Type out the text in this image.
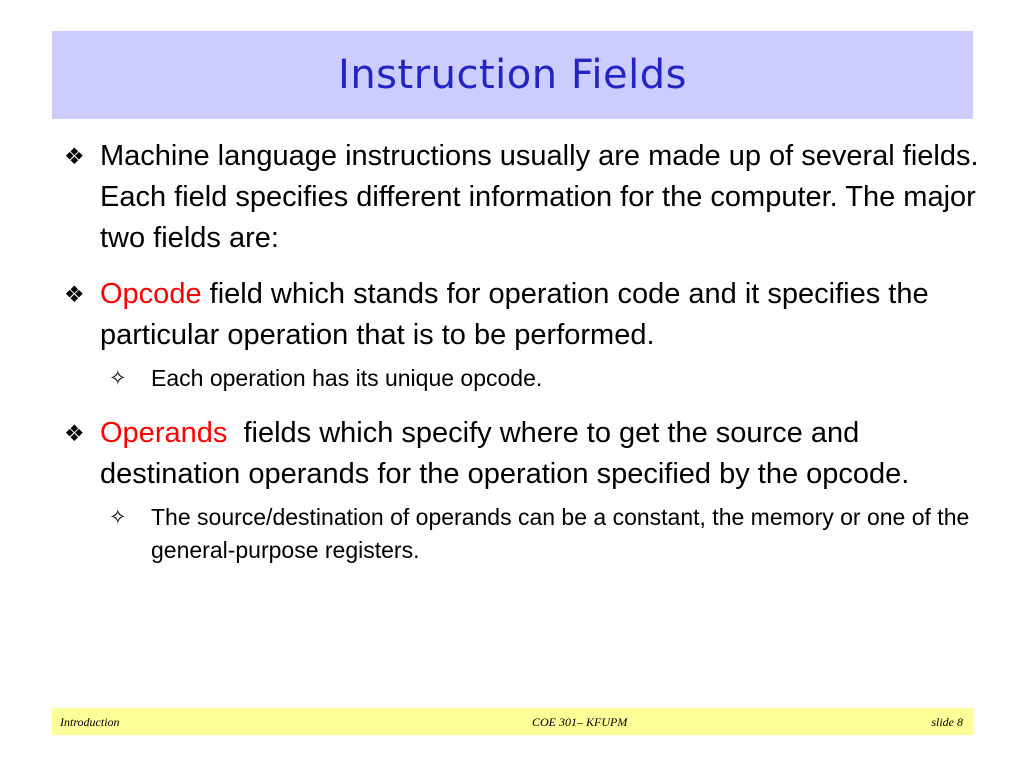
Instruction Fields
❖ Machine language instructions usually are made up of several fields. Each field specifies different information for the computer. The major two fields are:
❖ Opcode field which stands for operation code and it specifies the particular operation that is to be performed.
✧ Each operation has its unique opcode.
❖ Operands  fields which specify where to get the source and destination operands for the operation specified by the opcode.
✧ The source/destination of operands can be a constant, the memory or one of the general-purpose registers.
Introduction	COE 301– KFUPM	slide 8
